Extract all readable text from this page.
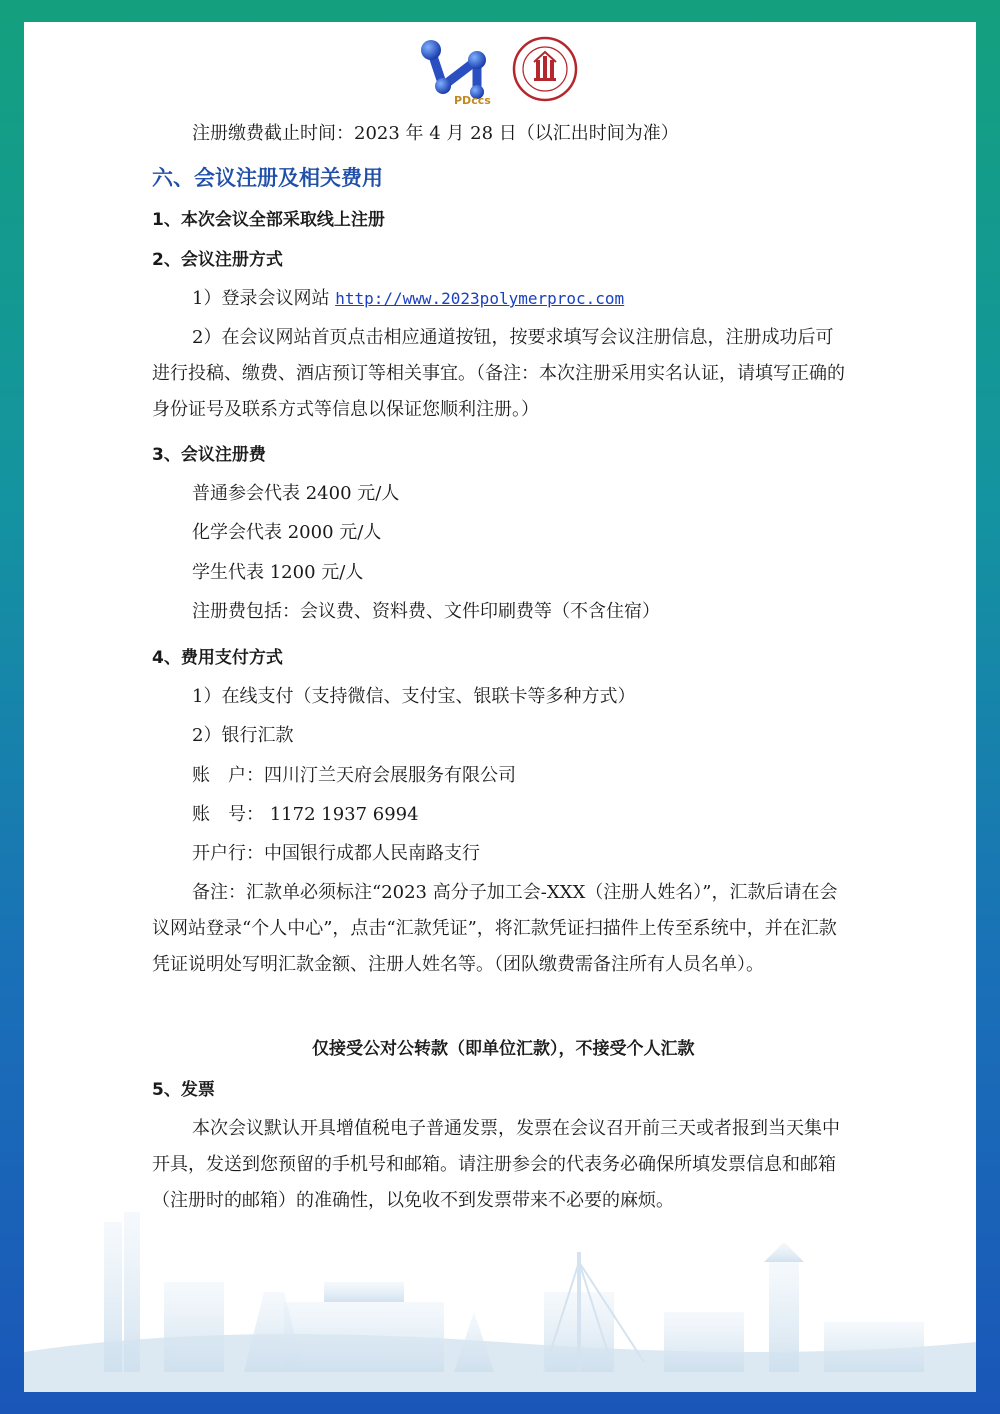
PDccs
注册缴费截止时间：2023 年 4 月 28 日（以汇出时间为准）
六、会议注册及相关费用
1、本次会议全部采取线上注册
2、会议注册方式
1）登录会议网站 http://www.2023polymerproc.com
2）在会议网站首页点击相应通道按钮，按要求填写会议注册信息，注册成功后可进行投稿、缴费、酒店预订等相关事宜。（备注：本次注册采用实名认证，请填写正确的身份证号及联系方式等信息以保证您顺利注册。）
3、会议注册费
普通参会代表 2400 元/人
化学会代表 2000 元/人
学生代表 1200 元/人
注册费包括：会议费、资料费、文件印刷费等（不含住宿）
4、费用支付方式
1）在线支付（支持微信、支付宝、银联卡等多种方式）
2）银行汇款
账　户：四川汀兰天府会展服务有限公司
账　号： 1172 1937 6994
开户行：中国银行成都人民南路支行
备注：汇款单必须标注“2023 高分子加工会-XXX（注册人姓名）”，汇款后请在会议网站登录“个人中心”，点击“汇款凭证”，将汇款凭证扫描件上传至系统中，并在汇款凭证说明处写明汇款金额、注册人姓名等。（团队缴费需备注所有人员名单）。
仅接受公对公转款（即单位汇款），不接受个人汇款
5、发票
本次会议默认开具增值税电子普通发票，发票在会议召开前三天或者报到当天集中开具，发送到您预留的手机号和邮箱。请注册参会的代表务必确保所填发票信息和邮箱（注册时的邮箱）的准确性，以免收不到发票带来不必要的麻烦。
